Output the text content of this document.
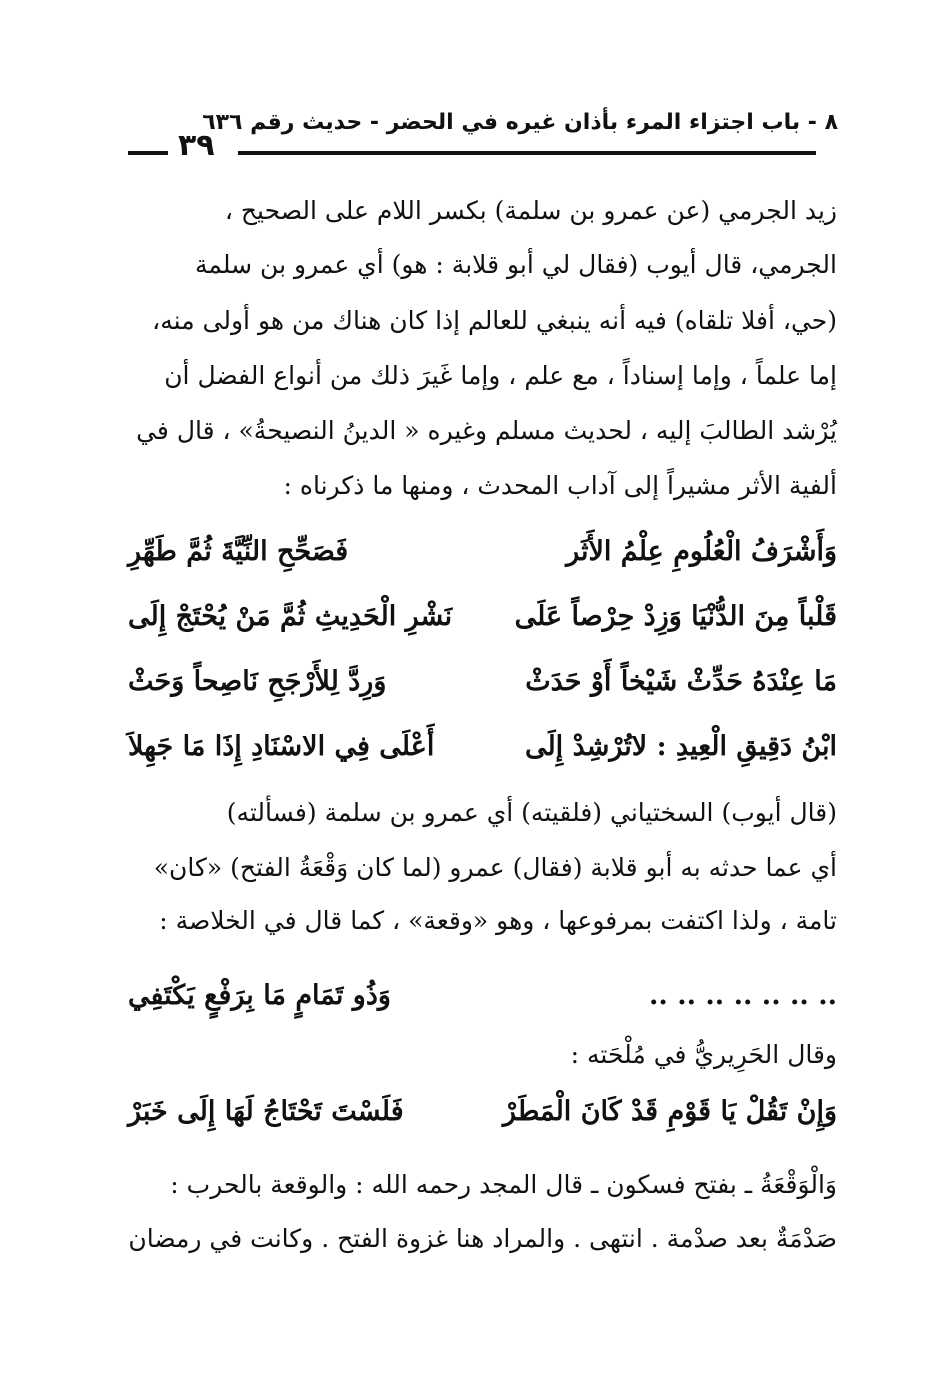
٨ - باب اجتزاء المرء بأذان غيره في الحضر - حديث رقم ٦٣٦
٣٩
زيد الجرمي (عن عمرو بن سلمة) بكسر اللام على الصحيح ،
الجرمي، قال أيوب (فقال لي أبو قلابة : هو) أي عمرو بن سلمة
(حي، أفلا تلقاه) فيه أنه ينبغي للعالم إذا كان هناك من هو أولى منه،
إما علماً ، وإما إسناداً ، مع علم ، وإما غَيرَ ذلك من أنواع الفضل أن
يُرْشد الطالبَ إليه ، لحديث مسلم وغيره « الدينُ النصيحةُ» ، قال في
ألفية الأثر مشيراً إلى آداب المحدث ، ومنها ما ذكرناه :
وَأَشْرَفُ الْعُلُومِ عِلْمُ الأَثَر
فَصَحِّحِ النِّيَّةَ ثُمَّ طَهِّرِ
قَلْباً مِنَ الدُّنْيَا وَزِدْ حِرْصاً عَلَى
نَشْرِ الْحَدِيثِ ثُمَّ مَنْ يُحْتَجْ إِلَى
مَا عِنْدَهُ حَدِّثْ شَيْخاً أَوْ حَدَثْ
وَرِدَّ لِلأَرْجَحِ نَاصِحاً وَحَثْ
ابْنُ دَقِيقِ الْعِيدِ : لاتُرْشِدْ إِلَى
أَعْلَى فِي الاسْنَادِ إِذَا مَا جَهِلاَ
(قال أيوب) السختياني (فلقيته) أي عمرو بن سلمة (فسألته)
أي عما حدثه به أبو قلابة (فقال) عمرو (لما كان وَقْعَةُ الفتح) «كان»
تامة ، ولذا اكتفت بمرفوعها ، وهو «وقعة» ، كما قال في الخلاصة :
.. .. .. .. .. .. ..
وَذُو تَمَامٍ مَا بِرَفْعٍ يَكْتَفِي
وقال الحَرِيريُّ في مُلْحَته :
وَإِنْ تَقُلْ يَا قَوْمِ قَدْ كَانَ الْمَطَرْ
فَلَسْتَ تَحْتَاجُ لَهَا إِلَى خَبَرْ
وَالْوَقْعَةُ ـ بفتح فسكون ـ قال المجد رحمه الله : والوقعة بالحرب :
صَدْمَةٌ بعد صدْمة . انتهى . والمراد هنا غزوة الفتح . وكانت في رمضان
